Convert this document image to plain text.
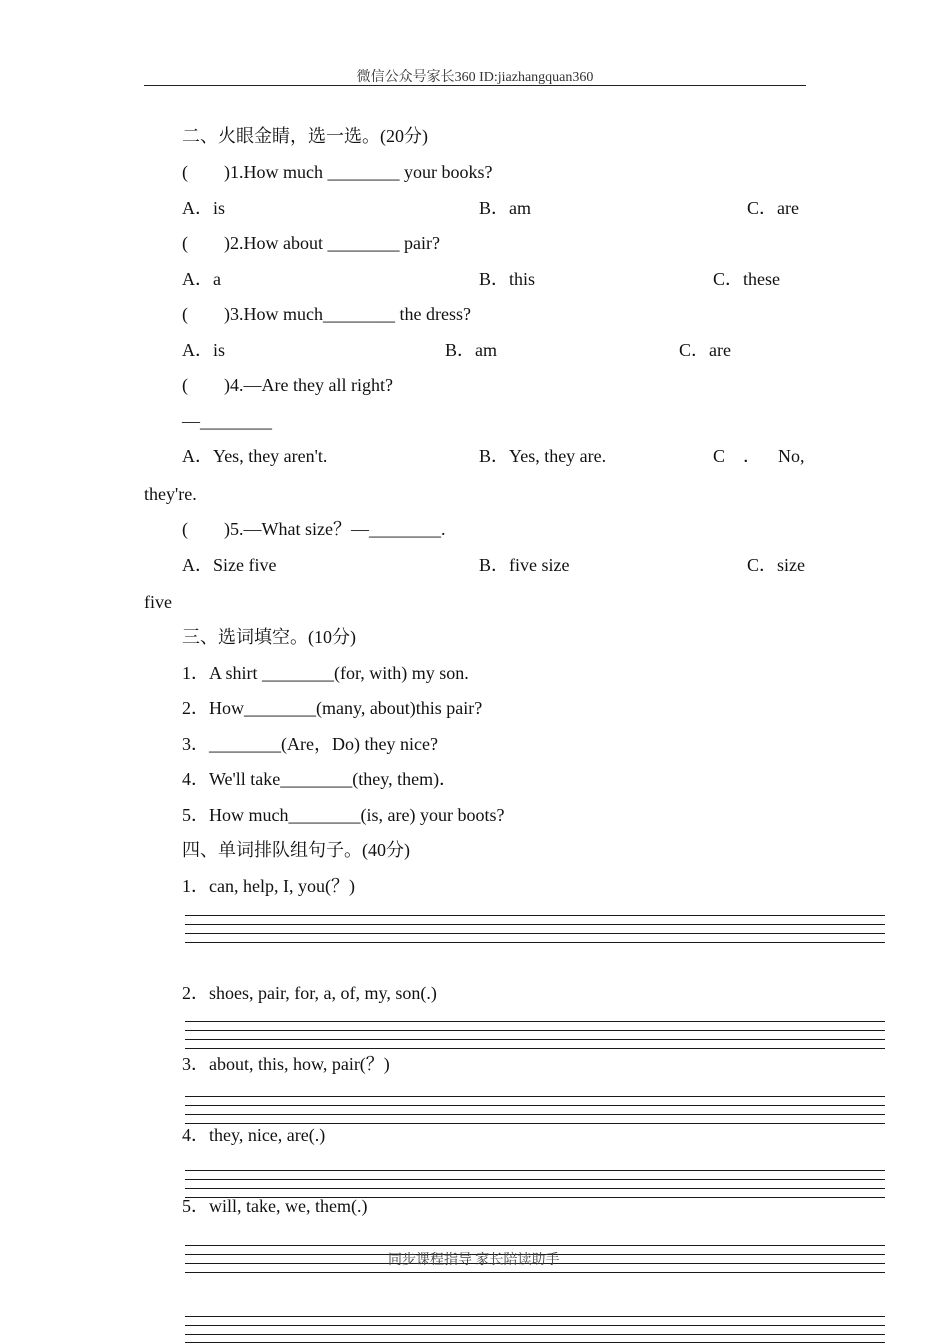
微信公众号家长360 ID:jiazhangquan360
二、火眼金睛，选一选。(20分)
(　　)1.How much ________ your books?
A．is	B．am	C．are
(　　)2.How about ________ pair?
A．a	B．this	C．these
(　　)3.How much________ the dress?
A．is	B．am	C．are
(　　)4.—Are they all right?
—________
A．Yes, they aren't.	B．Yes, they are.	C　． No,
they're.
(　　)5.—What size？—________.
A．Size five	B．five size	C．size
five
三、选词填空。(10分)
1．A shirt ________(for, with) my son.
2．How________(many, about)this pair?
3．________(Are，Do) they nice?
4．We'll take________(they, them)．
5．How much________(is, are) your boots?
四、单词排队组句子。(40分)
1．can, help, I, you(？)
2．shoes, pair, for, a, of, my, son(.)
3．about, this, how, pair(？)
4．they, nice, are(.)
5．will, take, we, them(.)
同步课程指导 家长陪读助手
